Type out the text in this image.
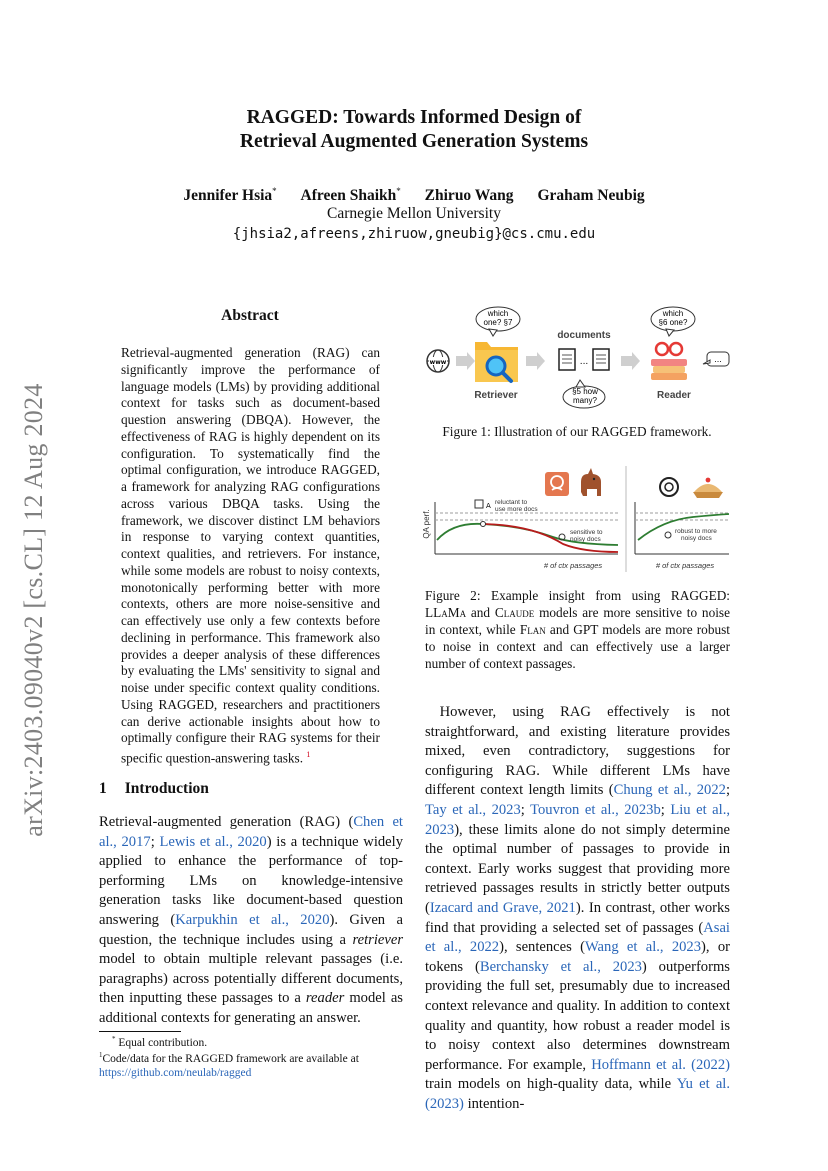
arXiv:2403.09040v2 [cs.CL] 12 Aug 2024
RAGGED: Towards Informed Design of
Retrieval Augmented Generation Systems
Jennifer Hsia* Afreen Shaikh* Zhiruo Wang Graham Neubig
Carnegie Mellon University
{jhsia2,afreens,zhiruow,gneubig}@cs.cmu.edu
Abstract
Retrieval-augmented generation (RAG) can significantly improve the performance of language models (LMs) by providing additional context for tasks such as document-based question answering (DBQA). However, the effectiveness of RAG is highly dependent on its configuration. To systematically find the optimal configuration, we introduce RAGGED, a framework for analyzing RAG configurations across various DBQA tasks. Using the framework, we discover distinct LM behaviors in response to varying context quantities, context qualities, and retrievers. For instance, while some models are robust to noisy contexts, monotonically performing better with more contexts, others are more noise-sensitive and can effectively use only a few contexts before declining in performance. This framework also provides a deeper analysis of these differences by evaluating the LMs' sensitivity to signal and noise under specific context quality conditions. Using RAGGED, researchers and practitioners can derive actionable insights about how to optimally configure their RAG systems for their specific question-answering tasks. $^1$
1 Introduction
Retrieval-augmented generation (RAG) (Chen et al., 2017; Lewis et al., 2020) is a technique widely applied to enhance the performance of top-performing LMs on knowledge-intensive generation tasks like document-based question answering (Karpukhin et al., 2020). Given a question, the technique includes using a retriever model to obtain multiple relevant passages (i.e. paragraphs) across potentially different documents, then inputting these passages to a reader model as additional contexts for generating an answer.
* Equal contribution.
$^1$Code/data for the RAGGED framework are available at
https://github.com/neulab/ragged
www
Retriever
which
one? §7
documents
...
§5 how
many?	Reader
which
§6 one?
...
Figure 1: Illustration of our RAGGED framework.
QA perf.
A reluctant to
use more docs
sensitive to
noisy docs
# of ctx passages
robust to more
noisy docs
# of ctx passages
Figure 2: Example insight from using RAGGED: LLaMa and Claude models are more sensitive to noise in context, while Flan and GPT models are more robust to noise in context and can effectively use a larger number of context passages.
 However, using RAG effectively is not straightforward, and existing literature provides mixed, even contradictory, suggestions for configuring RAG. While different LMs have different context length limits (Chung et al., 2022; Tay et al., 2023; Touvron et al., 2023b; Liu et al., 2023), these limits alone do not simply determine the optimal number of passages to provide in context. Early works suggest that providing more retrieved passages results in strictly better outputs (Izacard and Grave, 2021). In contrast, other works find that providing a selected set of passages (Asai et al., 2022), sentences (Wang et al., 2023), or tokens (Berchansky et al., 2023) outperforms providing the full set, presumably due to increased context relevance and quality. In addition to context quality and quantity, how robust a reader model is to noisy context also determines downstream performance. For example, Hoffmann et al. (2022) train models on high-quality data, while Yu et al. (2023) intention-
